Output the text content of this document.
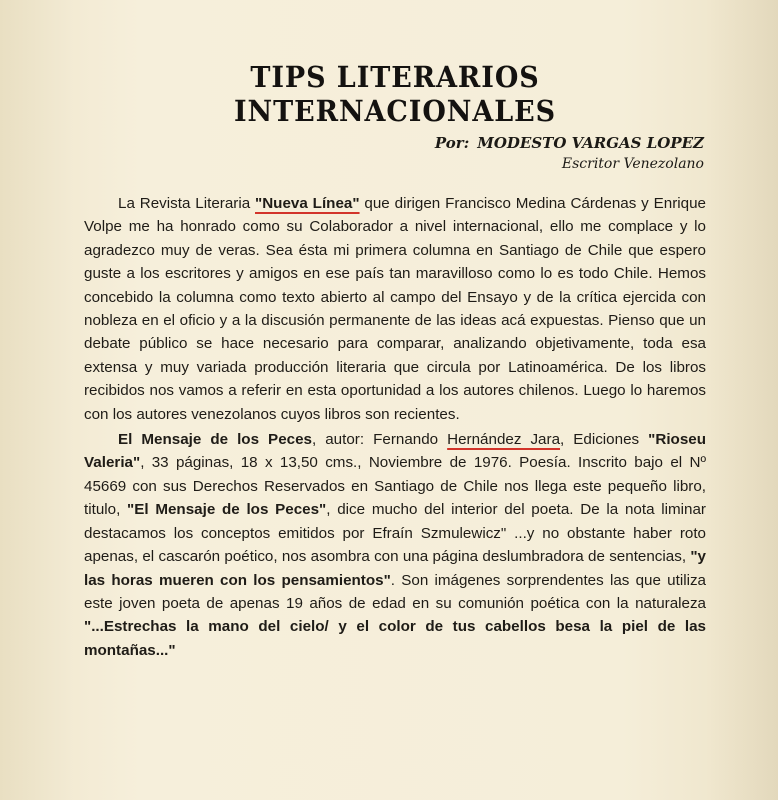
TIPS LITERARIOS INTERNACIONALES
Por: MODESTO VARGAS LOPEZ
Escritor Venezolano

La Revista Literaria "Nueva Línea" que dirigen Francisco Medina Cárdenas y Enrique Volpe me ha honrado como su Colaborador a nivel internacional, ello me complace y lo agradezco muy de veras. Sea ésta mi primera columna en Santiago de Chile que espero guste a los escritores y amigos en ese país tan maravilloso como lo es todo Chile. Hemos concebido la columna como texto abierto al campo del Ensayo y de la crítica ejercida con nobleza en el oficio y a la discusión permanente de las ideas acá expuestas. Pienso que un debate público se hace necesario para comparar, analizando objetivamente, toda esa extensa y muy variada producción literaria que circula por Latinoamérica. De los libros recibidos nos vamos a referir en esta oportunidad a los autores chilenos. Luego lo haremos con los autores venezolanos cuyos libros son recientes.

El Mensaje de los Peces, autor: Fernando Hernández Jara, Ediciones "Rioseu Valeria", 33 páginas, 18 x 13,50 cms., Noviembre de 1976. Poesía. Inscrito bajo el Nº 45669 con sus Derechos Reservados en Santiago de Chile nos llega este pequeño libro, titulo, "El Mensaje de los Peces", dice mucho del interior del poeta. De la nota liminar destacamos los conceptos emitidos por Efraín Szmulewicz" ...y no obstante haber roto apenas, el cascarón poético, nos asombra con una página deslumbradora de sentencias, "y las horas mueren con los pensamientos". Son imágenes sorprendentes las que utiliza este joven poeta de apenas 19 años de edad en su comunión poética con la naturaleza "...Estrechas la mano del cielo/ y el color de tus cabellos besa la piel de las montañas..."
